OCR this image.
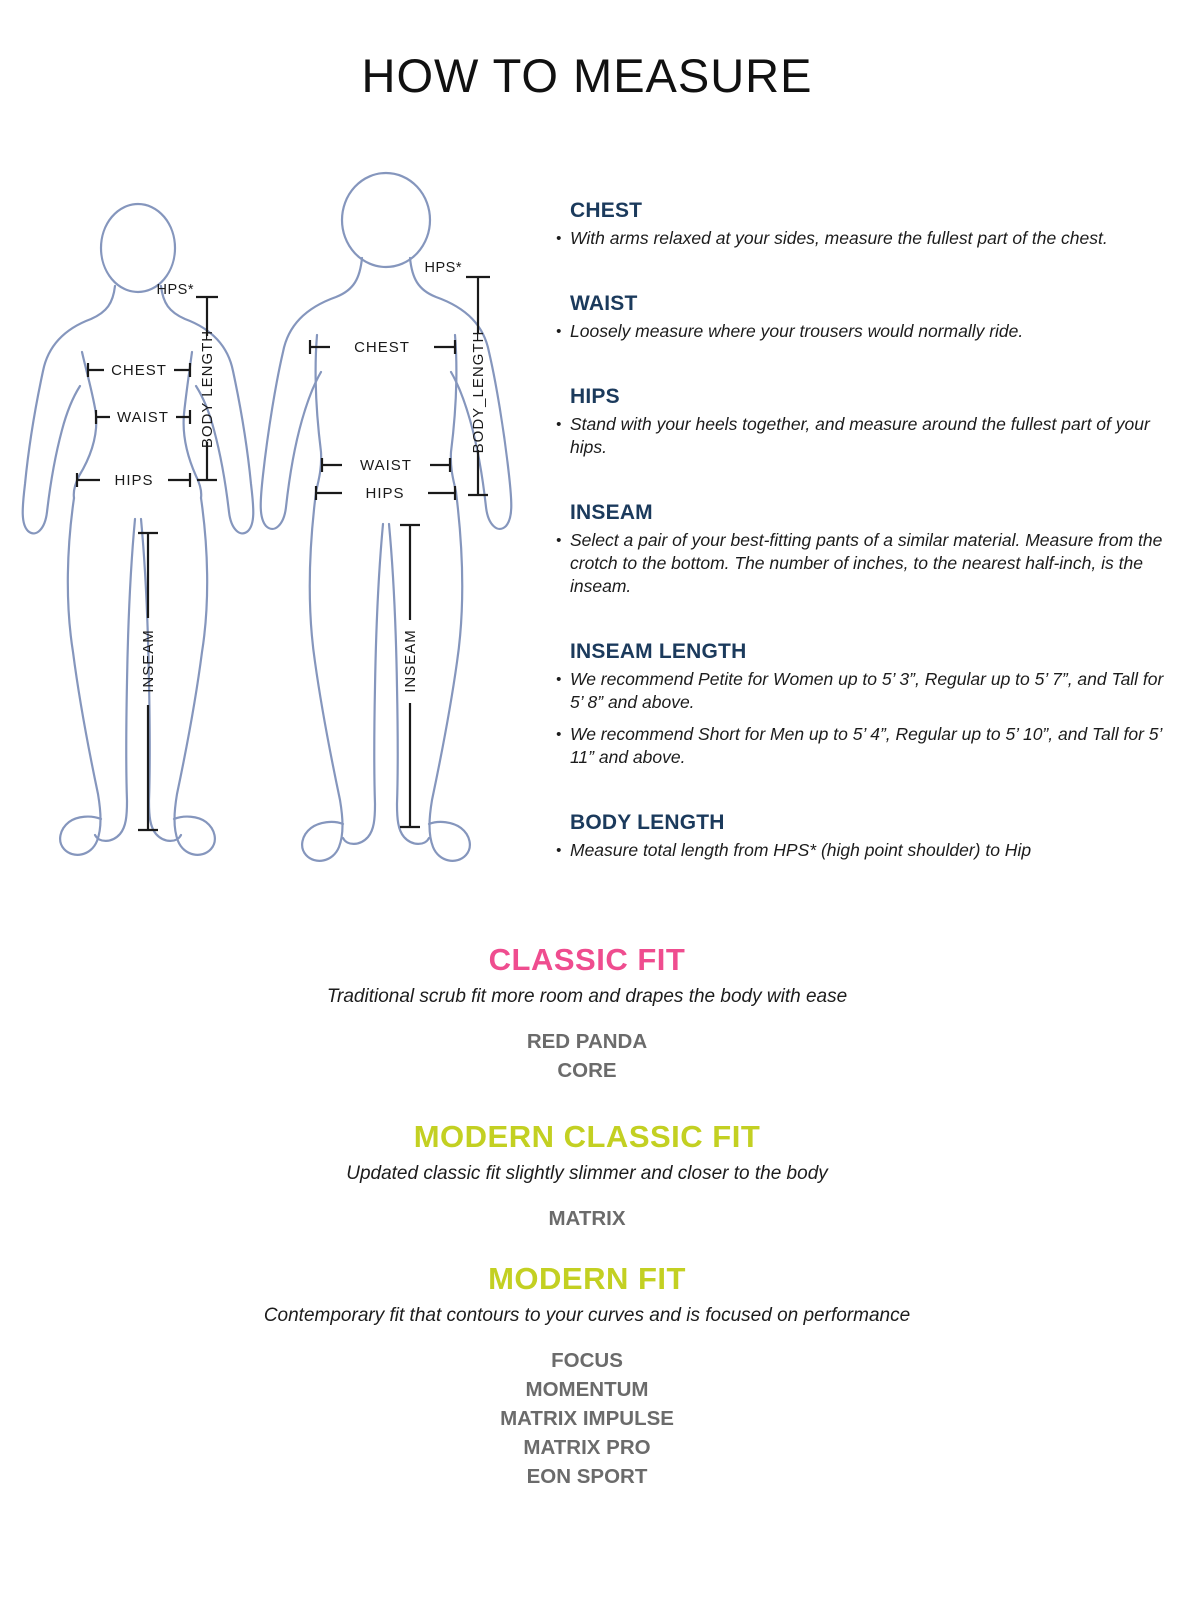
HPS*
BODY LENGTH
CHEST
WAIST
HIPS
INSEAM
HPS*
BODY_LENGTH
CHEST
WAIST
HIPS
INSEAM
HOW TO MEASURE
CHEST
• With arms relaxed at your sides, measure the fullest part of the chest.
WAIST
• Loosely measure where your trousers would normally ride.
HIPS
• Stand with your heels together, and measure around the fullest part of your hips.
INSEAM
• Select a pair of your best-fitting pants of a similar material. Measure from the crotch to the bottom. The number of inches, to the nearest half-inch, is the inseam.
INSEAM LENGTH
• We recommend Petite for Women up to 5’ 3”, Regular up to 5’ 7”, and Tall for 5’ 8” and above.
• We recommend Short for Men up to 5’ 4”, Regular up to 5’ 10”, and Tall for 5’ 11” and above.
BODY LENGTH
• Measure total length from HPS* (high point shoulder) to Hip
CLASSIC FIT
Traditional scrub fit more room and drapes the body with ease
RED PANDA
CORE
MODERN CLASSIC FIT
Updated classic fit slightly slimmer and closer to the body
MATRIX
MODERN FIT
Contemporary fit that contours to your curves and is focused on performance
FOCUS
MOMENTUM
MATRIX IMPULSE
MATRIX PRO
EON SPORT
